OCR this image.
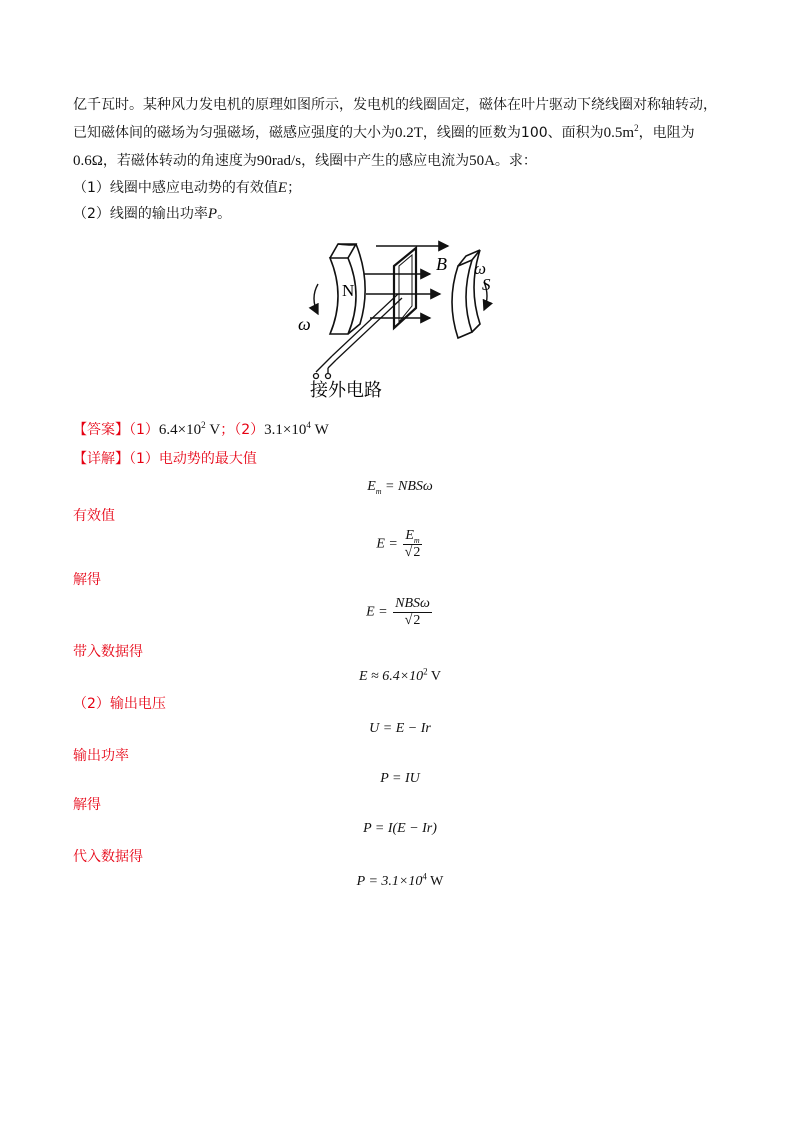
亿千瓦时。某种风力发电机的原理如图所示，发电机的线圈固定，磁体在叶片驱动下绕线圈对称轴转动，
已知磁体间的磁场为匀强磁场，磁感应强度的大小为0.2T，线圈的匝数为100、面积为$0.5m^2$，电阻为
0.6Ω，若磁体转动的角速度为90rad/s，线圈中产生的感应电流为50A。求：
（1）线圈中感应电动势的有效值E；
（2）线圈的输出功率P。
N
B
ω
ω
S
接外电路
【答案】$(1)6.4\times 10^2$ V；$(2)3.1\times 10^4$ W
【详解】（1）电动势的最大值
$E_m = NBS\omega$
有效值
$E = \frac{E_m}{√2}$
解得
$E = \frac{\text{NBSω}}{√2}$
带入数据得
$E \approx 6.4\times 10^2$ V
（2）输出电压
U = E − Ir
输出功率
P = IU
解得
P = I(E − Ir)
代入数据得
$P = 3.1\times 10^4$ W
